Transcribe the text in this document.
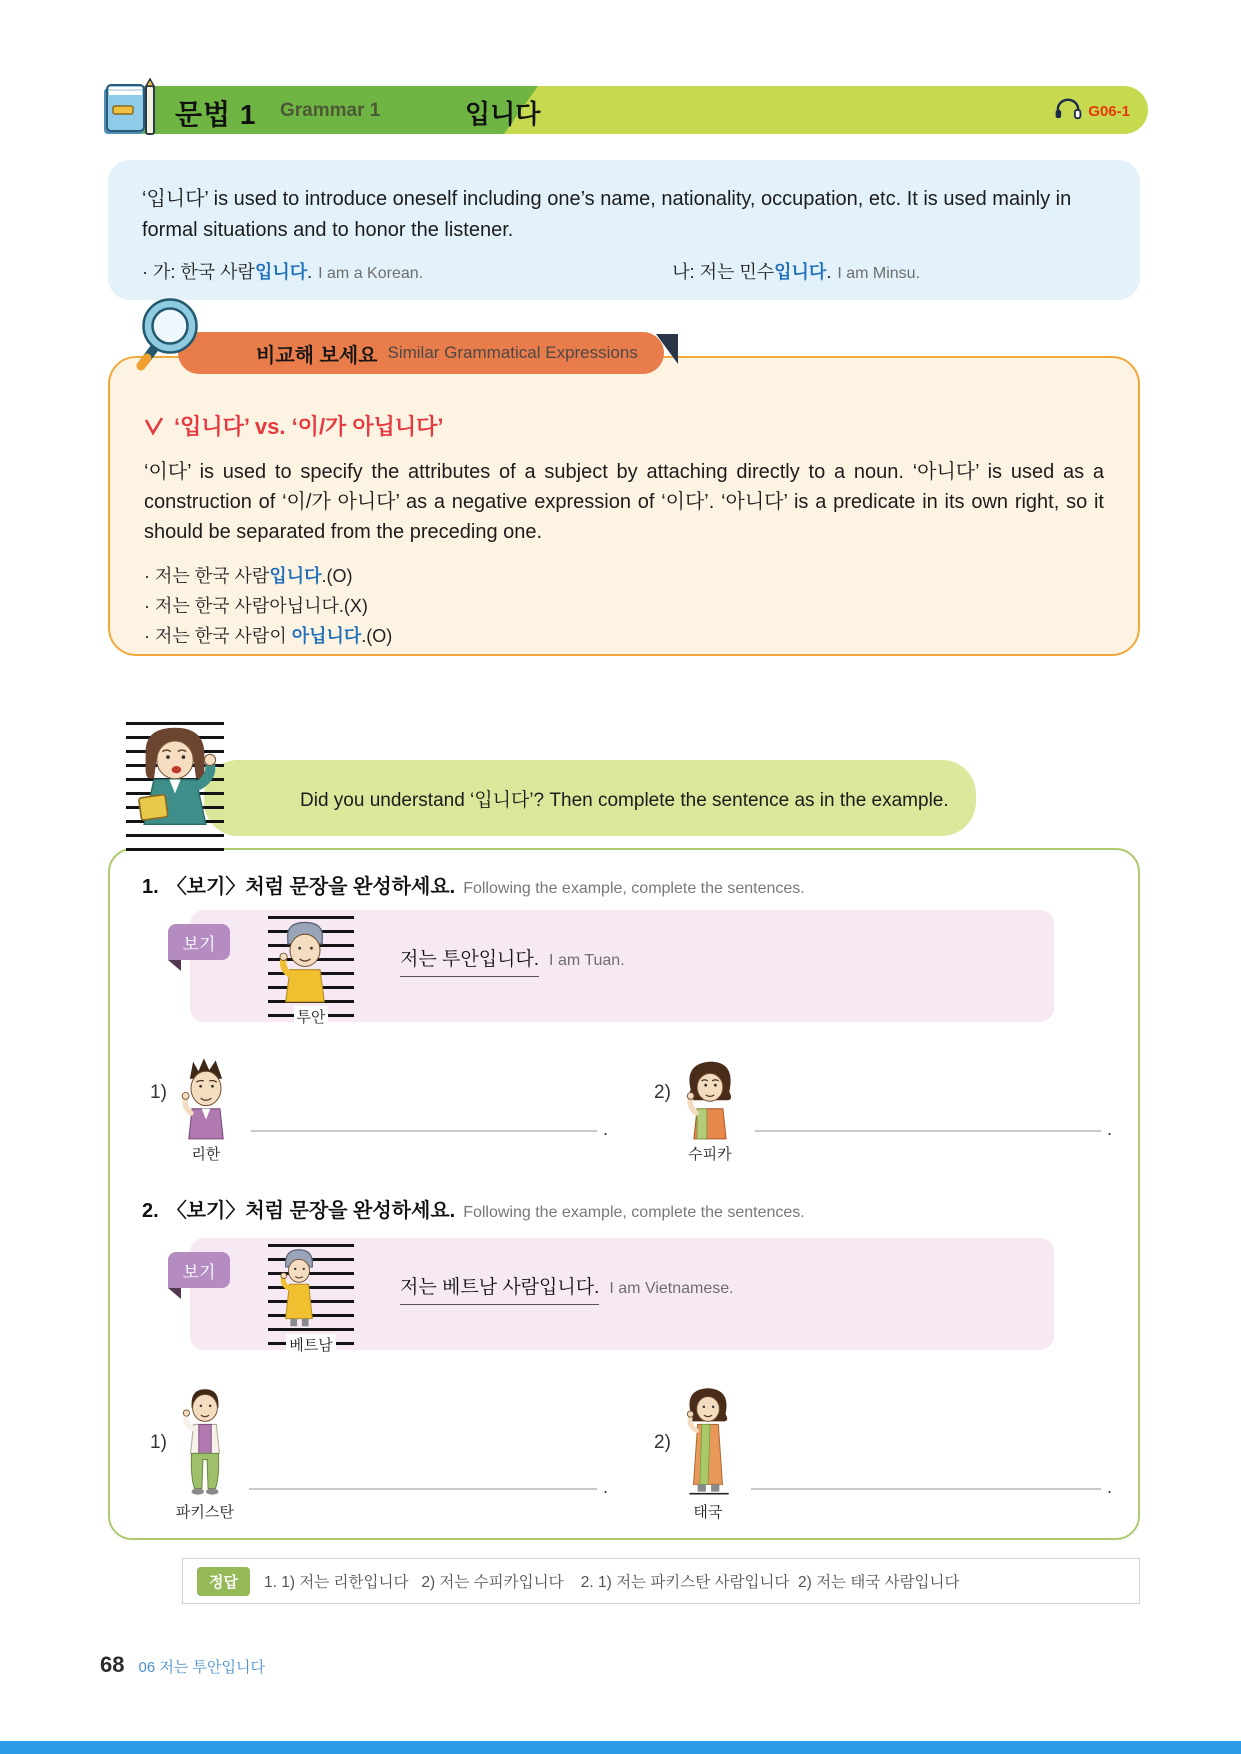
문법 1 Grammar 1	입니다	G06-1
‘입니다’ is used to introduce oneself including one’s name, nationality, occupation, etc. It is used mainly in formal situations and to honor the listener.
· 가: 한국 사람입니다. I am a Korean.	나: 저는 민수입니다. I am Minsu.
비교해 보세요 Similar Grammatical Expressions
‘입니다’ vs. ‘이/가 아닙니다’
‘이다’ is used to specify the attributes of a subject by attaching directly to a noun. ‘아니다’ is used as a construction of ‘이/가 아니다’ as a negative expression of ‘이다’. ‘아니다’ is a predicate in its own right, so it should be separated from the preceding one.
· 저는 한국 사람입니다.(O)
· 저는 한국 사람아닙니다.(X)
· 저는 한국 사람이 아닙니다.(O)
Did you understand ‘입니다’? Then complete the sentence as in the example.
1. 〈보기〉처럼 문장을 완성하세요. Following the example, complete the sentences.
보기
투안
저는 투안입니다. I am Tuan.
1)
리한
.
2)
수피카
.
2. 〈보기〉처럼 문장을 완성하세요. Following the example, complete the sentences.
보기
베트남
저는 베트남 사람입니다. I am Vietnamese.
1)
파키스탄
.
2)
태국
.
정답	1. 1) 저는 리한입니다   2) 저는 수피카입니다    2. 1) 저는 파키스탄 사람입니다  2) 저는 태국 사람입니다
68 06 저는 투안입니다
